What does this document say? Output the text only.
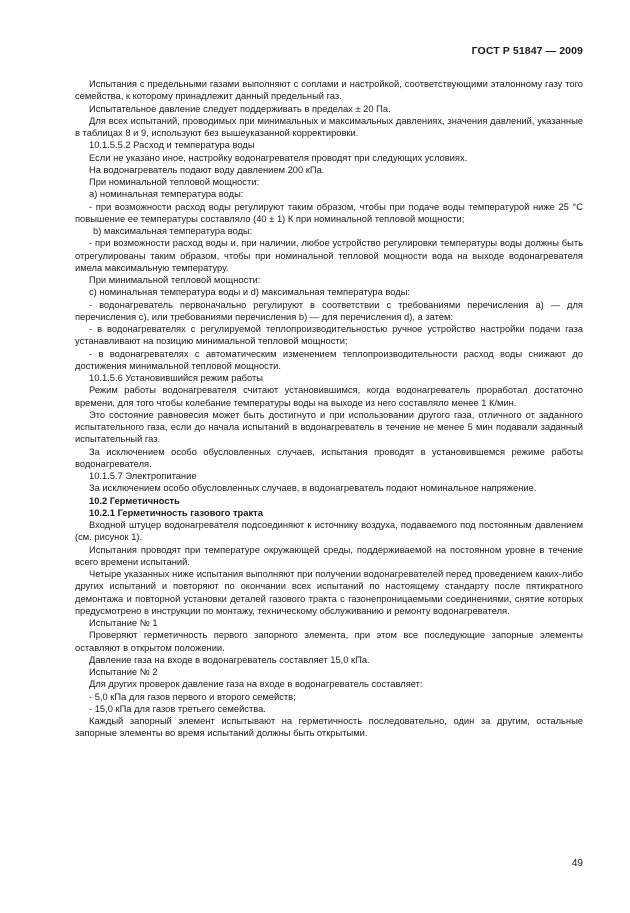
ГОСТ Р 51847 — 2009

Испытания с предельными газами выполняют с соплами и настройкой, соответствующими эталонному газу того семейства, к которому принадлежит данный предельный газ.

Испытательное давление следует поддерживать в пределах ± 20 Па.

Для всех испытаний, проводимых при минимальных и максимальных давлениях, значения давлений, указанные в таблицах 8 и 9, используют без вышеуказанной корректировки.

10.1.5.5.2 Расход и температура воды

Если не указано иное, настройку водонагревателя проводят при следующих условиях.

На водонагреватель подают воду давлением 200 кПа.

При номинальной тепловой мощности:

а) номинальная температура воды:

- при возможности расход воды регулируют таким образом, чтобы при подаче воды температурой ниже 25 °С повышение ее температуры составляло (40 ± 1) К при номинальной тепловой мощности;

b) максимальная температура воды:

- при возможности расход воды и, при наличии, любое устройство регулировки температуры воды должны быть отрегулированы таким образом, чтобы при номинальной тепловой мощности вода на выходе водонагревателя имела максимальную температуру.

При минимальной тепловой мощности:

с) номинальная температура воды и d) максимальная температура воды:

- водонагреватель первоначально регулируют в соответствии с требованиями перечисления а) — для перечисления с), или требованиями перечисления b) — для перечисления d), а затем:

- в водонагревателях с регулируемой теплопроизводительностью ручное устройство настройки подачи газа устанавливают на позицию минимальной тепловой мощности;

- в водонагревателях с автоматическим изменением теплопроизводительности расход воды снижают до достижения минимальной тепловой мощности.

10.1.5.6 Установившийся режим работы

Режим работы водонагревателя считают установившимся, когда водонагреватель проработал достаточно времени, для того чтобы колебание температуры воды на выходе из него составляло менее 1 К/мин.

Это состояние равновесия может быть достигнуто и при использовании другого газа, отличного от заданного испытательного газа, если до начала испытаний в водонагреватель в течение не менее 5 мин подавали заданный испытательный газ.

За исключением особо обусловленных случаев, испытания проводят в установившемся режиме работы водонагревателя.

10.1.5.7 Электропитание

За исключением особо обусловленных случаев, в водонагреватель подают номинальное напряжение.

10.2 Герметичность

10.2.1 Герметичность газового тракта

Входной штуцер водонагревателя подсоединяют к источнику воздуха, подаваемого под постоянным давлением (см. рисунок 1).

Испытания проводят при температуре окружающей среды, поддерживаемой на постоянном уровне в течение всего времени испытаний.

Четыре указанных ниже испытания выполняют при получении водонагревателей перед проведением каких-либо других испытаний и повторяют по окончании всех испытаний по настоящему стандарту после пятикратного демонтажа и повторной установки деталей газового тракта с газонепроницаемыми соединениями, снятие которых предусмотрено в инструкции по монтажу, техническому обслуживанию и ремонту водонагревателя.

Испытание № 1

Проверяют герметичность первого запорного элемента, при этом все последующие запорные элементы оставляют в открытом положении.

Давление газа на входе в водонагреватель составляет 15,0 кПа.

Испытание № 2

Для других проверок давление газа на входе в водонагреватель составляет:

- 5,0 кПа для газов первого и второго семейств;

- 15,0 кПа для газов третьего семейства.

Каждый запорный элемент испытывают на герметичность последовательно, один за другим, остальные запорные элементы во время испытаний должны быть открытыми.

49
